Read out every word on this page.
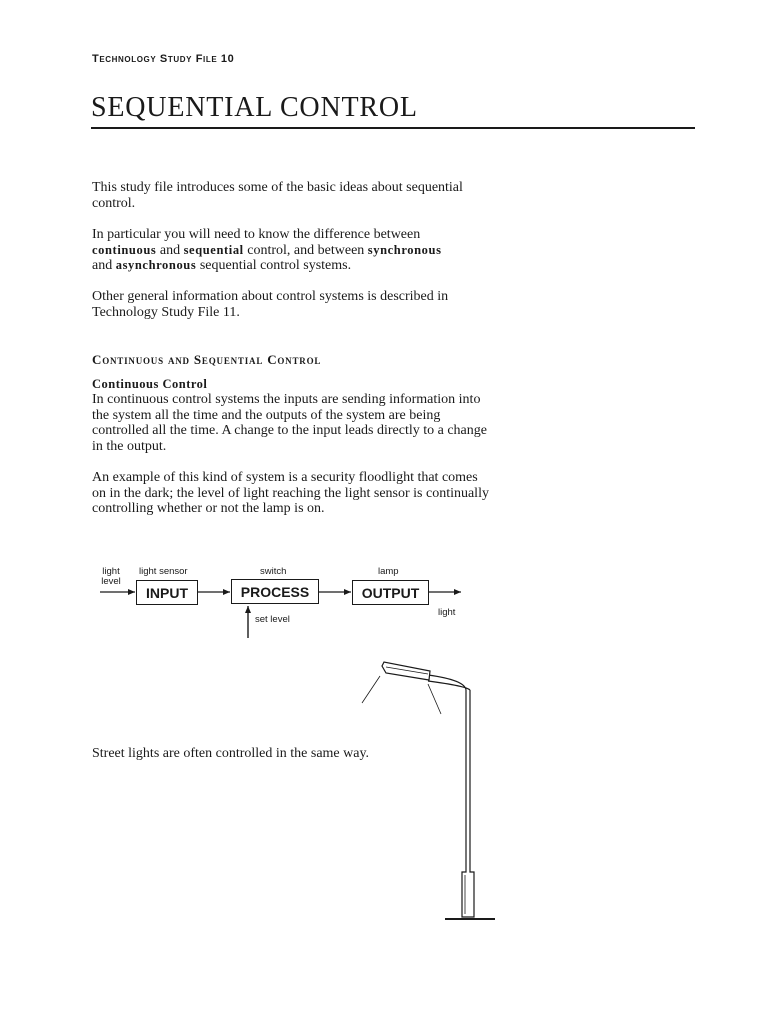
Technology Study File 10
SEQUENTIAL CONTROL
This study file introduces some of the basic ideas about sequential control.
In particular you will need to know the difference between
continuous and sequential control, and between synchronous
and asynchronous sequential control systems.
Other general information about control systems is described in Technology Study File 11.
Continuous and Sequential Control
Continuous Control
In continuous control systems the inputs are sending information into the system all the time and the outputs of the system are being controlled all the time. A change to the input leads directly to a change in the output.
An example of this kind of system is a security floodlight that comes on in the dark; the level of light reaching the light sensor is continually controlling whether or not the lamp is on.
light
level
light sensor	switch	lamp
INPUT	PROCESS	OUTPUT
light
set level
Street lights are often controlled in the same way.
